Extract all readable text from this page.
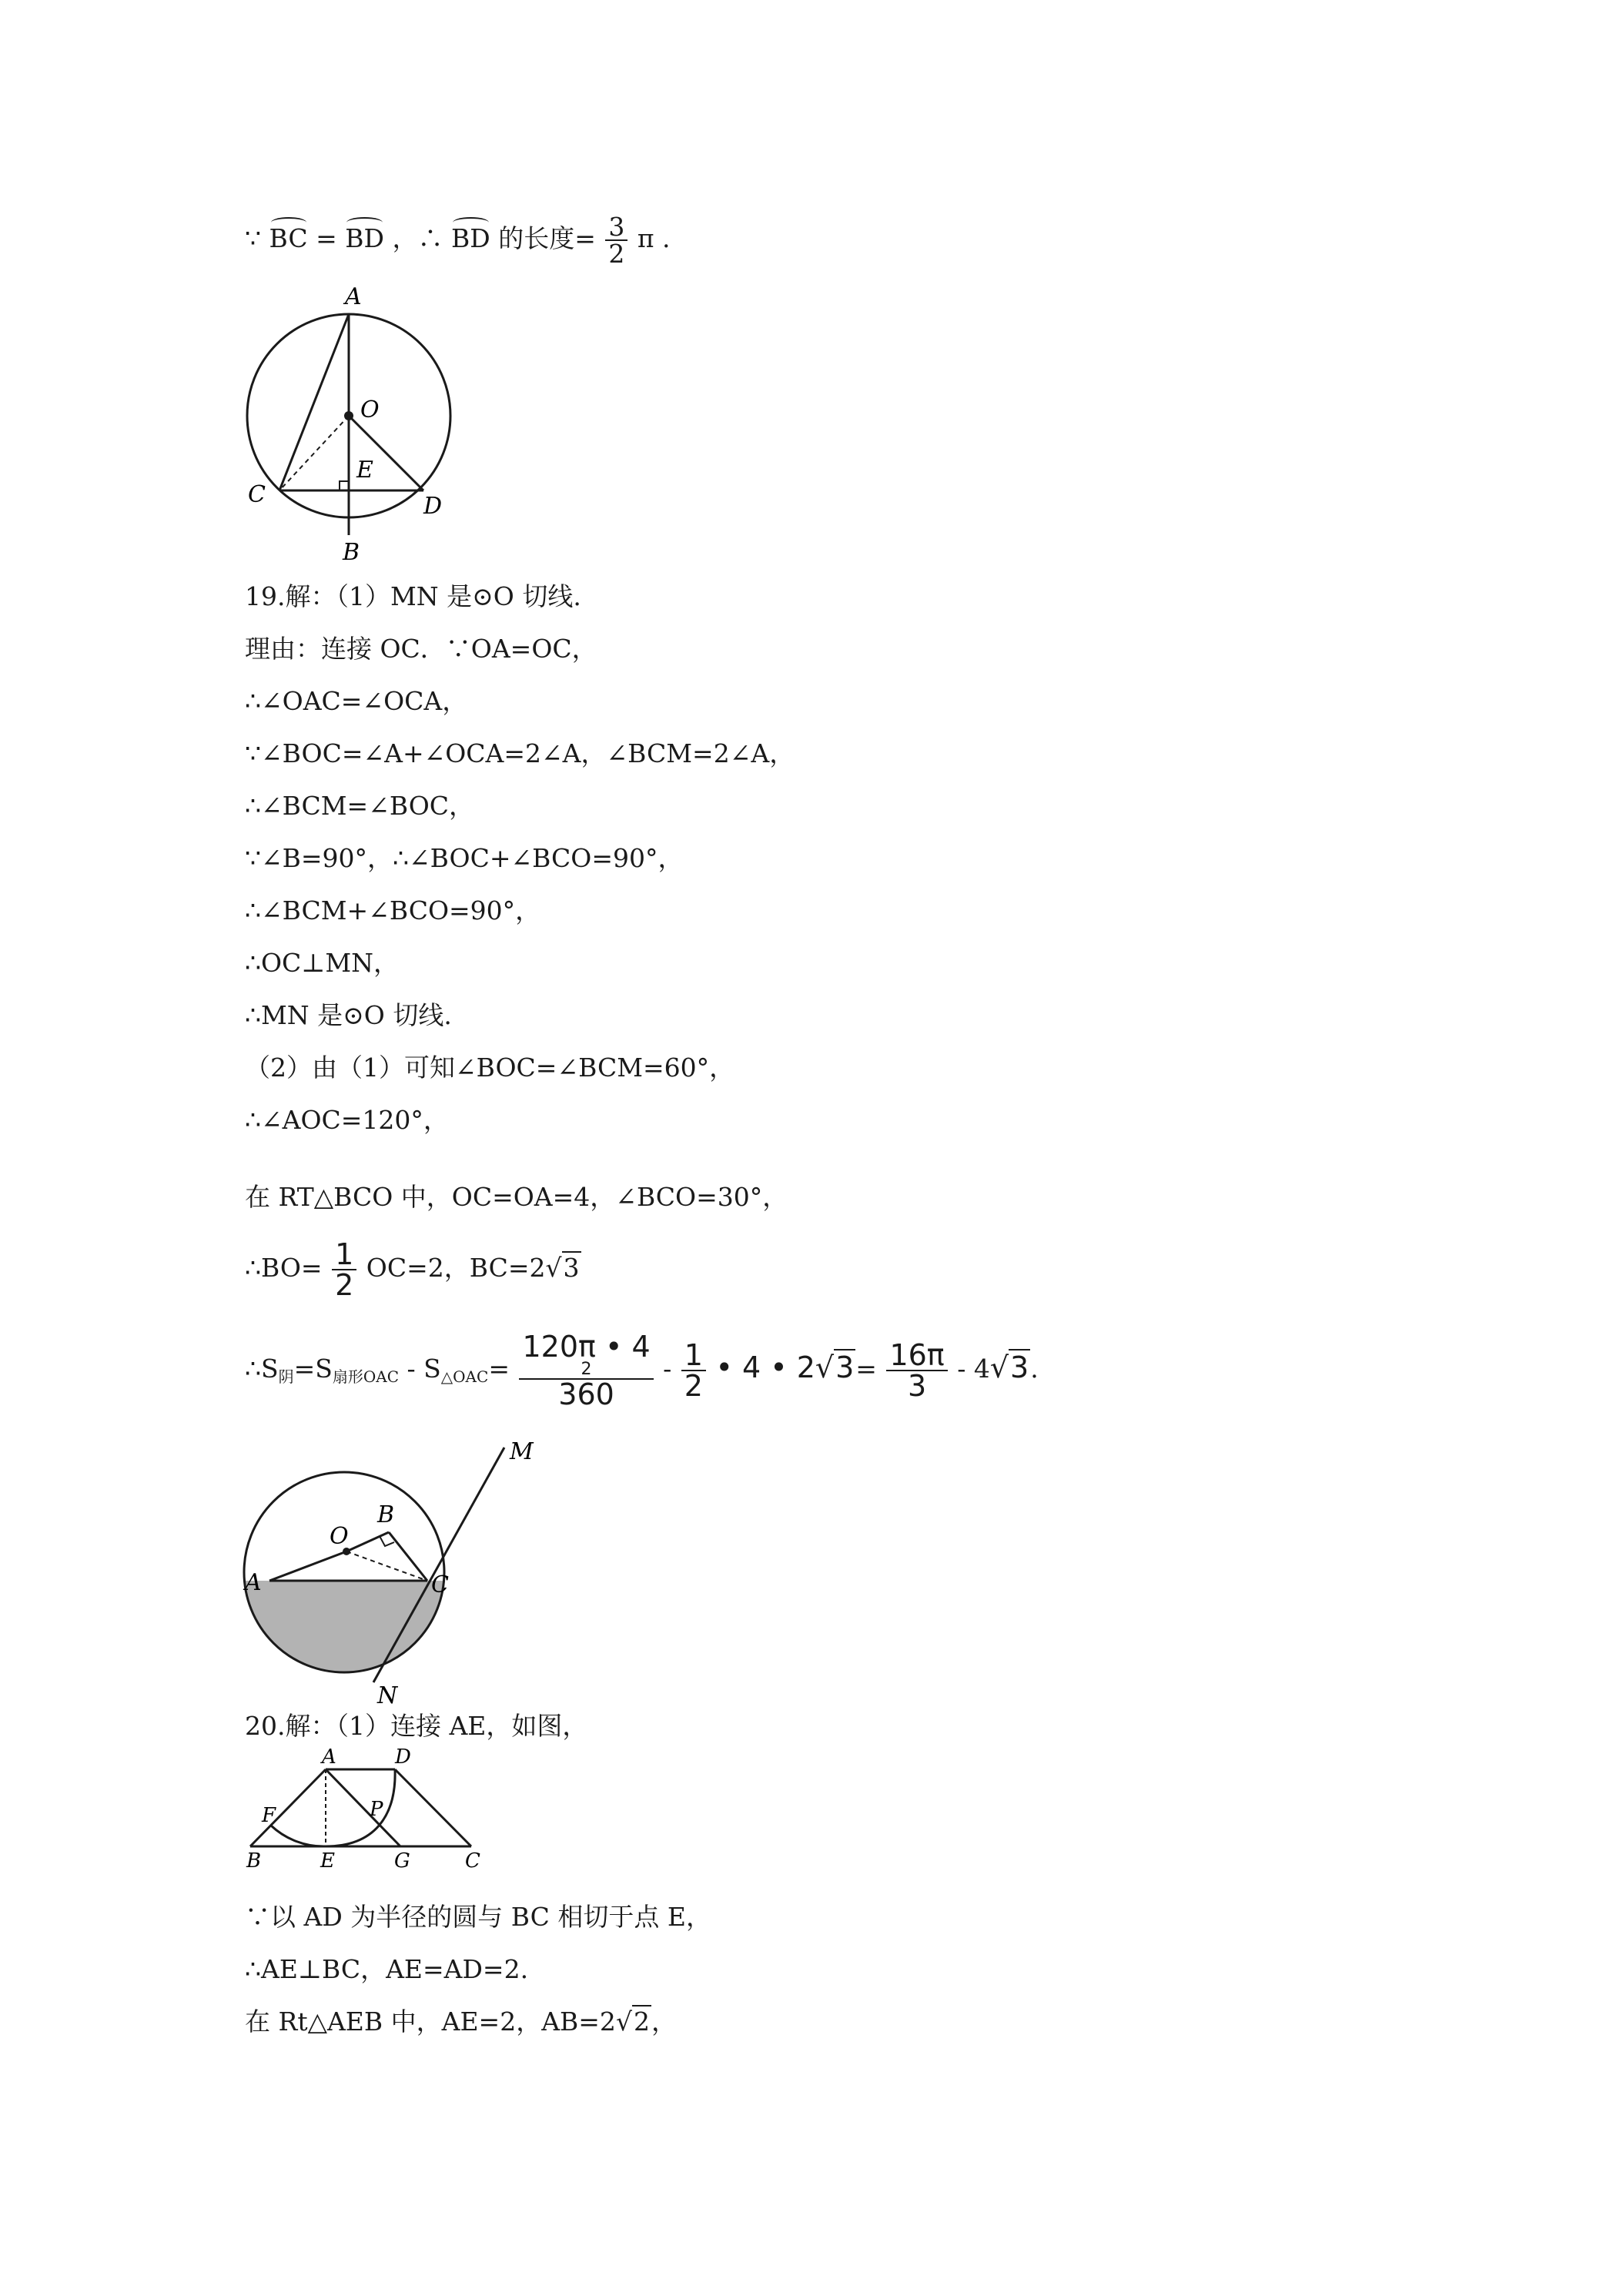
∵ BC = BD ，∴ BD 的长度= $\frac{3}{2}$ π .
A
O
E
C	D
B
19.解：（1）MN 是⊙O 切线.
理由：连接 OC．∵OA=OC，
∴∠OAC=∠OCA，
∵∠BOC=∠A+∠OCA=2∠A，∠BCM=2∠A，
∴∠BCM=∠BOC，
∵∠B=90°，∴∠BOC+∠BCO=90°，
∴∠BCM+∠BCO=90°，
∴OC⊥MN，
∴MN 是⊙O 切线.
（2）由（1）可知∠BOC=∠BCM=60°，
∴∠AOC=120°，
在 RT△BCO 中，OC=OA=4，∠BCO=30°，
∴BO= $\frac{1}{2} OC=2$，BC=2√3
$\therefore S_阴=S_{扇形OAC} - S_{\triangle OAC}= 120\pi$ • 4
2
$360 - \frac{1}{2}$ • 4 • $2√3= \frac{16\pi}{3} - 4√3$.
M
B
O
A	C
N
20.解：（1）连接 AE，如图，
A	D
F	P
B	E	G	C
∵以 AD 为半径的圆与 BC 相切于点 E，
∴AE⊥BC，AE=AD=2.
在 Rt△AEB 中，AE=2，AB=2√2，
